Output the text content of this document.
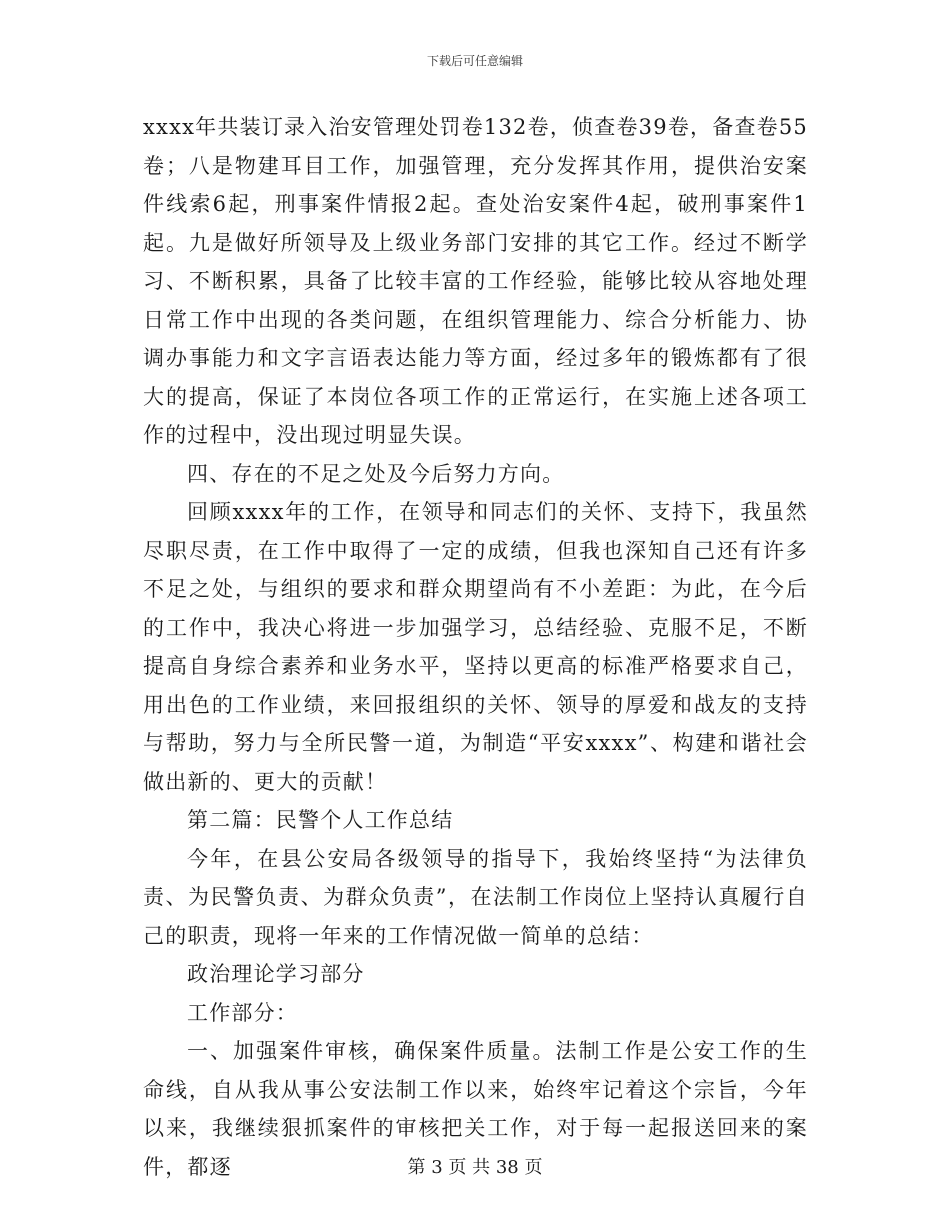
下载后可任意编辑

xxxx年共装订录入治安管理处罚卷132卷，侦查卷39卷，备查卷55卷；八是物建耳目工作，加强管理，充分发挥其作用，提供治安案件线索6起，刑事案件情报2起。查处治安案件4起，破刑事案件1起。九是做好所领导及上级业务部门安排的其它工作。经过不断学习、不断积累，具备了比较丰富的工作经验，能够比较从容地处理日常工作中出现的各类问题，在组织管理能力、综合分析能力、协调办事能力和文字言语表达能力等方面，经过多年的锻炼都有了很大的提高，保证了本岗位各项工作的正常运行，在实施上述各项工作的过程中，没出现过明显失误。

四、存在的不足之处及今后努力方向。

回顾xxxx年的工作，在领导和同志们的关怀、支持下，我虽然尽职尽责，在工作中取得了一定的成绩，但我也深知自己还有许多不足之处，与组织的要求和群众期望尚有不小差距：为此，在今后的工作中，我决心将进一步加强学习，总结经验、克服不足，不断提高自身综合素养和业务水平，坚持以更高的标准严格要求自己，用出色的工作业绩，来回报组织的关怀、领导的厚爱和战友的支持与帮助，努力与全所民警一道，为制造“平安xxxx”、构建和谐社会做出新的、更大的贡献！

第二篇：民警个人工作总结

今年，在县公安局各级领导的指导下，我始终坚持“为法律负责、为民警负责、为群众负责”，在法制工作岗位上坚持认真履行自己的职责，现将一年来的工作情况做一简单的总结：

政治理论学习部分

工作部分：

一、加强案件审核，确保案件质量。法制工作是公安工作的生命线，自从我从事公安法制工作以来，始终牢记着这个宗旨，今年以来，我继续狠抓案件的审核把关工作，对于每一起报送回来的案件，都逐	第 3 页 共 38 页
